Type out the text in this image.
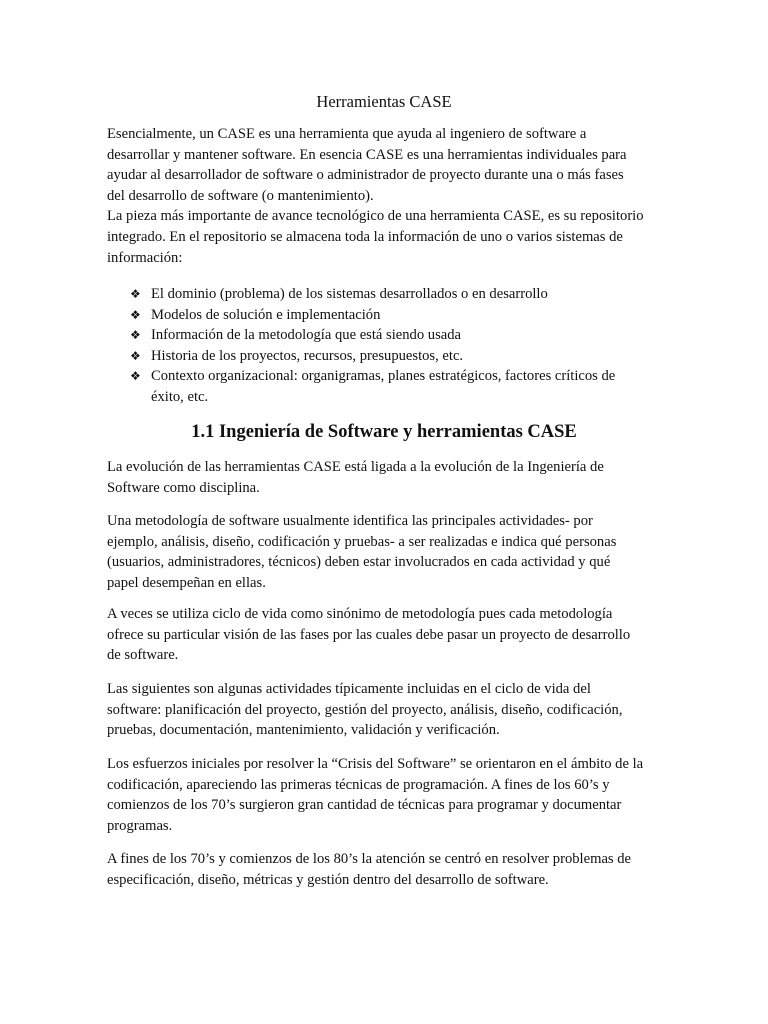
Herramientas CASE

Esencialmente, un CASE es una herramienta que ayuda al ingeniero de software a
desarrollar y mantener software. En esencia CASE es una herramientas individuales para
ayudar al desarrollador de software o administrador de proyecto durante una o más fases
del desarrollo de software (o mantenimiento).
La pieza más importante de avance tecnológico de una herramienta CASE, es su repositorio
integrado. En el repositorio se almacena toda la información de uno o varios sistemas de
información:

❖ El dominio (problema) de los sistemas desarrollados o en desarrollo
❖ Modelos de solución e implementación
❖ Información de la metodología que está siendo usada
❖ Historia de los proyectos, recursos, presupuestos, etc.
❖ Contexto organizacional: organigramas, planes estratégicos, factores críticos de
éxito, etc.
1.1 Ingeniería de Software y herramientas CASE

La evolución de las herramientas CASE está ligada a la evolución de la Ingeniería de
Software como disciplina.

Una metodología de software usualmente identifica las principales actividades- por
ejemplo, análisis, diseño, codificación y pruebas- a ser realizadas e indica qué personas
(usuarios, administradores, técnicos) deben estar involucrados en cada actividad y qué
papel desempeñan en ellas.

A veces se utiliza ciclo de vida como sinónimo de metodología pues cada metodología
ofrece su particular visión de las fases por las cuales debe pasar un proyecto de desarrollo
de software.

Las siguientes son algunas actividades típicamente incluidas en el ciclo de vida del
software: planificación del proyecto, gestión del proyecto, análisis, diseño, codificación,
pruebas, documentación, mantenimiento, validación y verificación.

Los esfuerzos iniciales por resolver la “Crisis del Software” se orientaron en el ámbito de la
codificación, apareciendo las primeras técnicas de programación. A fines de los 60’s y
comienzos de los 70’s surgieron gran cantidad de técnicas para programar y documentar
programas.

A fines de los 70’s y comienzos de los 80’s la atención se centró en resolver problemas de
especificación, diseño, métricas y gestión dentro del desarrollo de software.
